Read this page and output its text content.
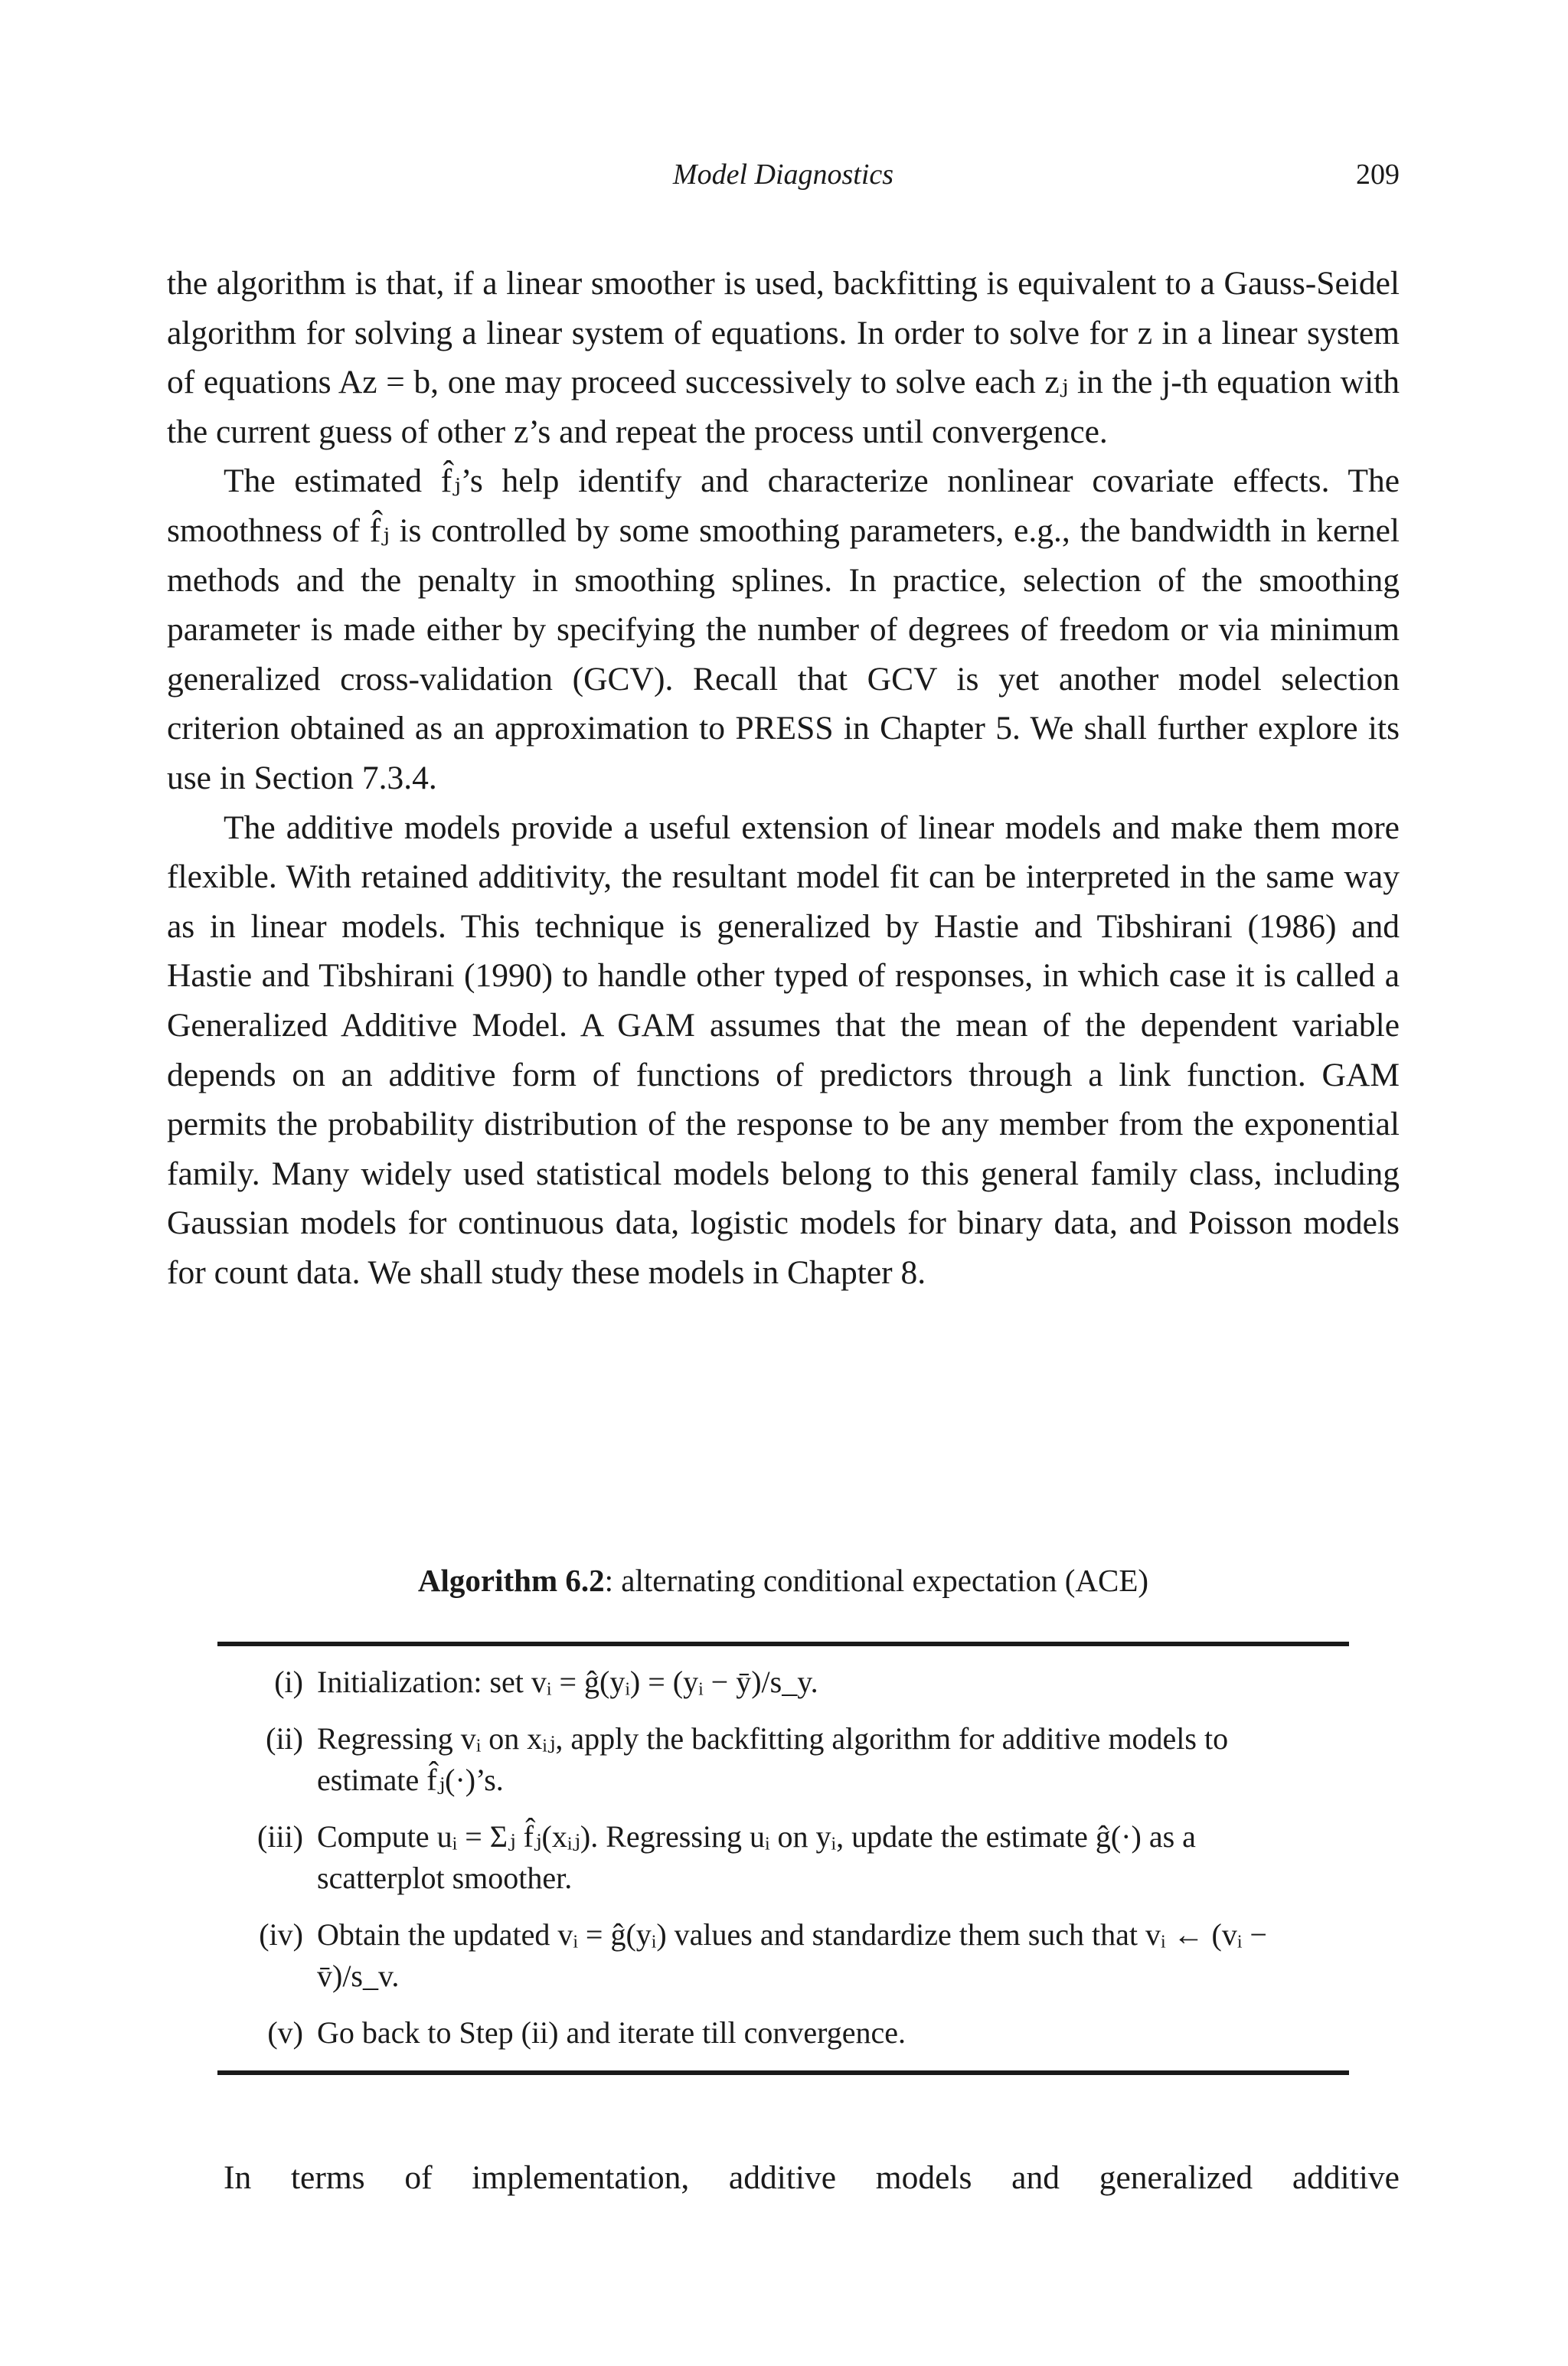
Model Diagnostics	209

the algorithm is that, if a linear smoother is used, backfitting is equivalent to a Gauss-Seidel algorithm for solving a linear system of equations. In order to solve for z in a linear system of equations Az = b, one may proceed successively to solve each zⱼ in the j-th equation with the current guess of other z’s and repeat the process until convergence.

The estimated f̂ⱼ’s help identify and characterize nonlinear covariate effects. The smoothness of f̂ⱼ is controlled by some smoothing parameters, e.g., the bandwidth in kernel methods and the penalty in smoothing splines. In practice, selection of the smoothing parameter is made either by specifying the number of degrees of freedom or via minimum generalized cross-validation (GCV). Recall that GCV is yet another model selection criterion obtained as an approximation to PRESS in Chapter 5. We shall further explore its use in Section 7.3.4.

The additive models provide a useful extension of linear models and make them more flexible. With retained additivity, the resultant model fit can be interpreted in the same way as in linear models. This technique is generalized by Hastie and Tibshirani (1986) and Hastie and Tibshirani (1990) to handle other typed of responses, in which case it is called a Generalized Additive Model. A GAM assumes that the mean of the dependent variable depends on an additive form of functions of predictors through a link function. GAM permits the probability distribution of the response to be any member from the exponential family. Many widely used statistical models belong to this general family class, including Gaussian models for continuous data, logistic models for binary data, and Poisson models for count data. We shall study these models in Chapter 8.

Algorithm 6.2: alternating conditional expectation (ACE)
(i) Initialization: set vᵢ = ĝ(yᵢ) = (yᵢ − ȳ)/s_y.
(ii) Regressing vᵢ on xᵢⱼ, apply the backfitting algorithm for additive models to estimate f̂ⱼ(·)’s.
(iii) Compute uᵢ = Σⱼ f̂ⱼ(xᵢⱼ). Regressing uᵢ on yᵢ, update the estimate ĝ(·) as a scatterplot smoother.
(iv) Obtain the updated vᵢ = ĝ(yᵢ) values and standardize them such that vᵢ ← (vᵢ − v̄)/s_v.
(v) Go back to Step (ii) and iterate till convergence.
In terms of implementation, additive models and generalized additive
